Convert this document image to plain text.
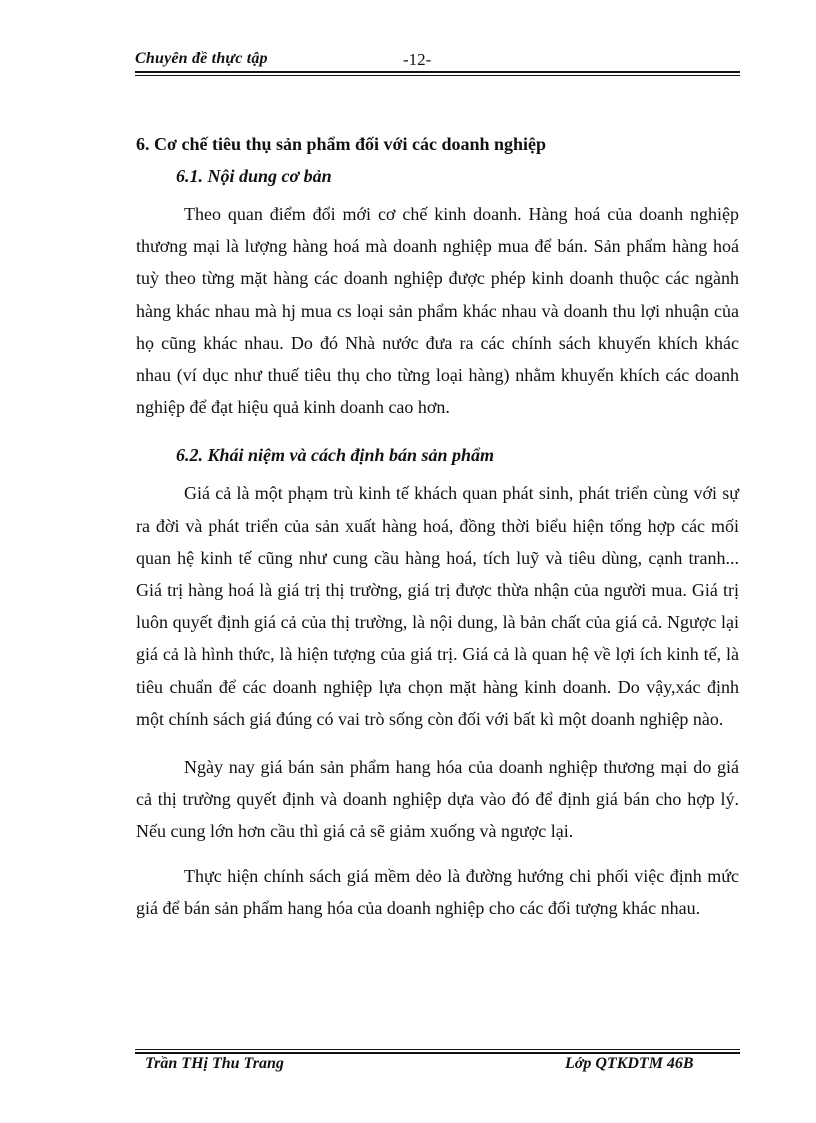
Chuyên đề thực tập	-12-

6. Cơ chế tiêu thụ sản phẩm đối với các doanh nghiệp

6.1. Nội dung cơ bản

Theo quan điểm đổi mới cơ chế kinh doanh. Hàng hoá của doanh nghiệp thương mại là lượng hàng hoá mà doanh nghiệp mua để bán. Sản phẩm hàng hoá tuỳ theo từng mặt hàng các doanh nghiệp được phép kinh doanh thuộc các ngành hàng khác nhau mà hj mua cs loại sản phẩm khác nhau và doanh thu lợi nhuận của họ cũng khác nhau. Do đó Nhà nước đưa ra các chính sách khuyến khích khác nhau (ví dục như thuế tiêu thụ cho từng loại hàng) nhằm khuyến khích các doanh nghiệp để đạt hiệu quả kinh doanh cao hơn.

6.2. Khái niệm và cách định bán sản phẩm

Giá cả là một phạm trù kinh tế khách quan phát sinh, phát triển cùng với sự ra đời và phát triển của sản xuất hàng hoá, đồng thời biểu hiện tổng hợp các mối quan hệ kinh tế cũng như cung cầu hàng hoá, tích luỹ và tiêu dùng, cạnh tranh... Giá trị hàng hoá là giá trị thị trường, giá trị được thừa nhận của người mua. Giá trị luôn quyết định giá cả của thị trường, là nội dung, là bản chất của giá cả. Ngược lại giá cả là hình thức, là hiện tượng của giá trị. Giá cả là quan hệ về lợi ích kinh tế, là tiêu chuẩn để các doanh nghiệp lựa chọn mặt hàng kinh doanh. Do vậy,xác định một chính sách giá đúng có vai trò sống còn đối với bất kì một doanh nghiệp nào.

Ngày nay giá bán sản phẩm hang hóa của doanh nghiệp thương mại do giá cả thị trường quyết định và doanh nghiệp dựa vào đó để định giá bán cho hợp lý. Nếu cung lớn hơn cầu thì giá cả sẽ giảm xuống và ngược lại.

Thực hiện chính sách giá mềm dẻo là đường hướng chi phối việc định mức giá để bán sản phẩm hang hóa của doanh nghiệp cho các đối tượng khác nhau.

Trần THị Thu Trang	Lớp QTKDTM 46B
